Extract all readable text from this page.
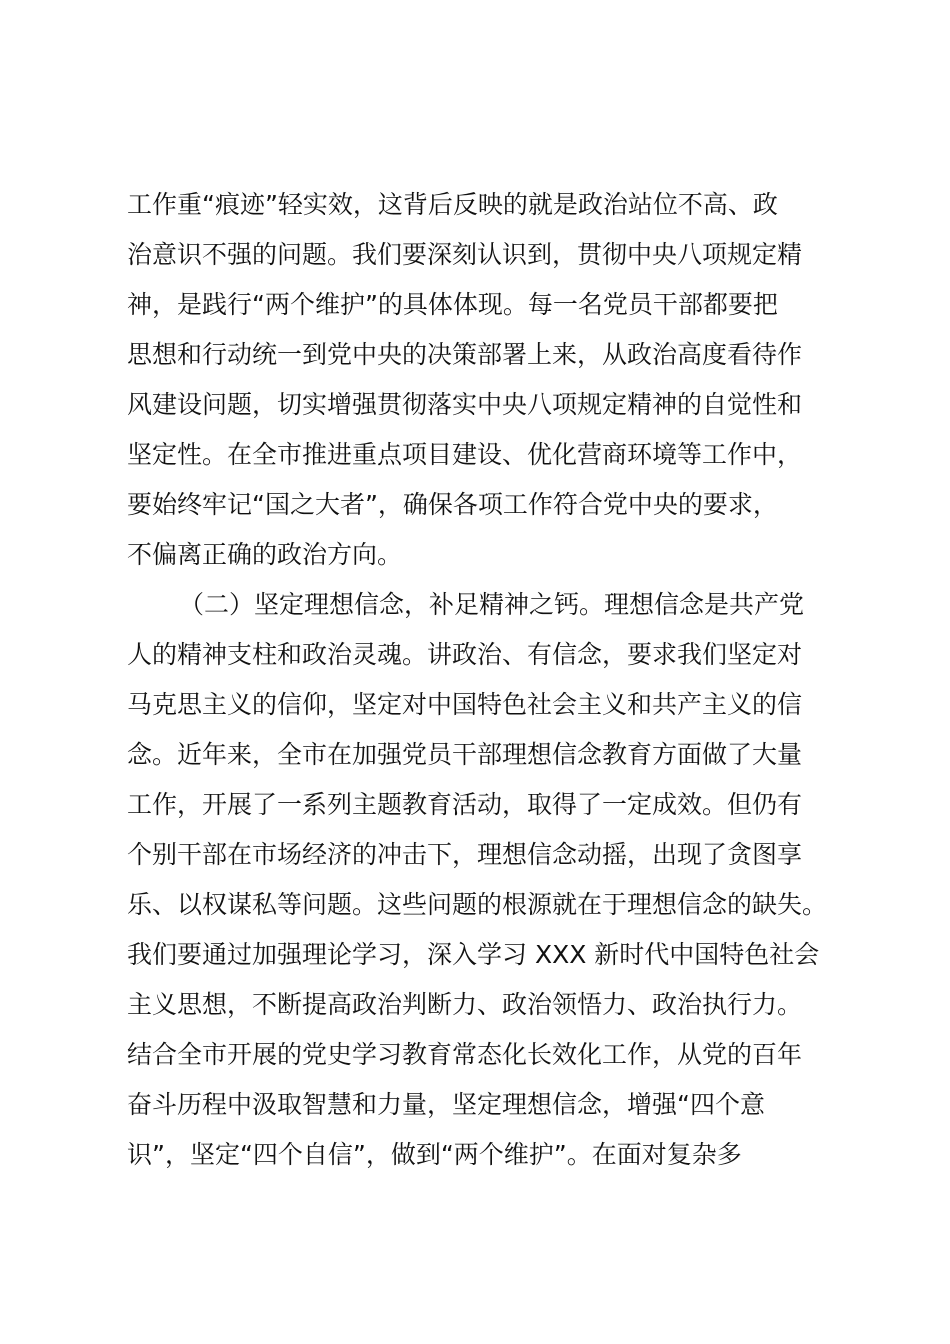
工作重“痕迹”轻实效，这背后反映的就是政治站位不高、政
治意识不强的问题。我们要深刻认识到，贯彻中央八项规定精
神，是践行“两个维护”的具体体现。每一名党员干部都要把
思想和行动统一到党中央的决策部署上来，从政治高度看待作
风建设问题，切实增强贯彻落实中央八项规定精神的自觉性和
坚定性。在全市推进重点项目建设、优化营商环境等工作中，
要始终牢记“国之大者”，确保各项工作符合党中央的要求，
不偏离正确的政治方向。
（二）坚定理想信念，补足精神之钙。理想信念是共产党
人的精神支柱和政治灵魂。讲政治、有信念，要求我们坚定对
马克思主义的信仰，坚定对中国特色社会主义和共产主义的信
念。近年来，全市在加强党员干部理想信念教育方面做了大量
工作，开展了一系列主题教育活动，取得了一定成效。但仍有
个别干部在市场经济的冲击下，理想信念动摇，出现了贪图享
乐、以权谋私等问题。这些问题的根源就在于理想信念的缺失。
我们要通过加强理论学习，深入学习 XXX 新时代中国特色社会
主义思想，不断提高政治判断力、政治领悟力、政治执行力。
结合全市开展的党史学习教育常态化长效化工作，从党的百年
奋斗历程中汲取智慧和力量，坚定理想信念，增强“四个意
识”，坚定“四个自信”，做到“两个维护”。在面对复杂多
